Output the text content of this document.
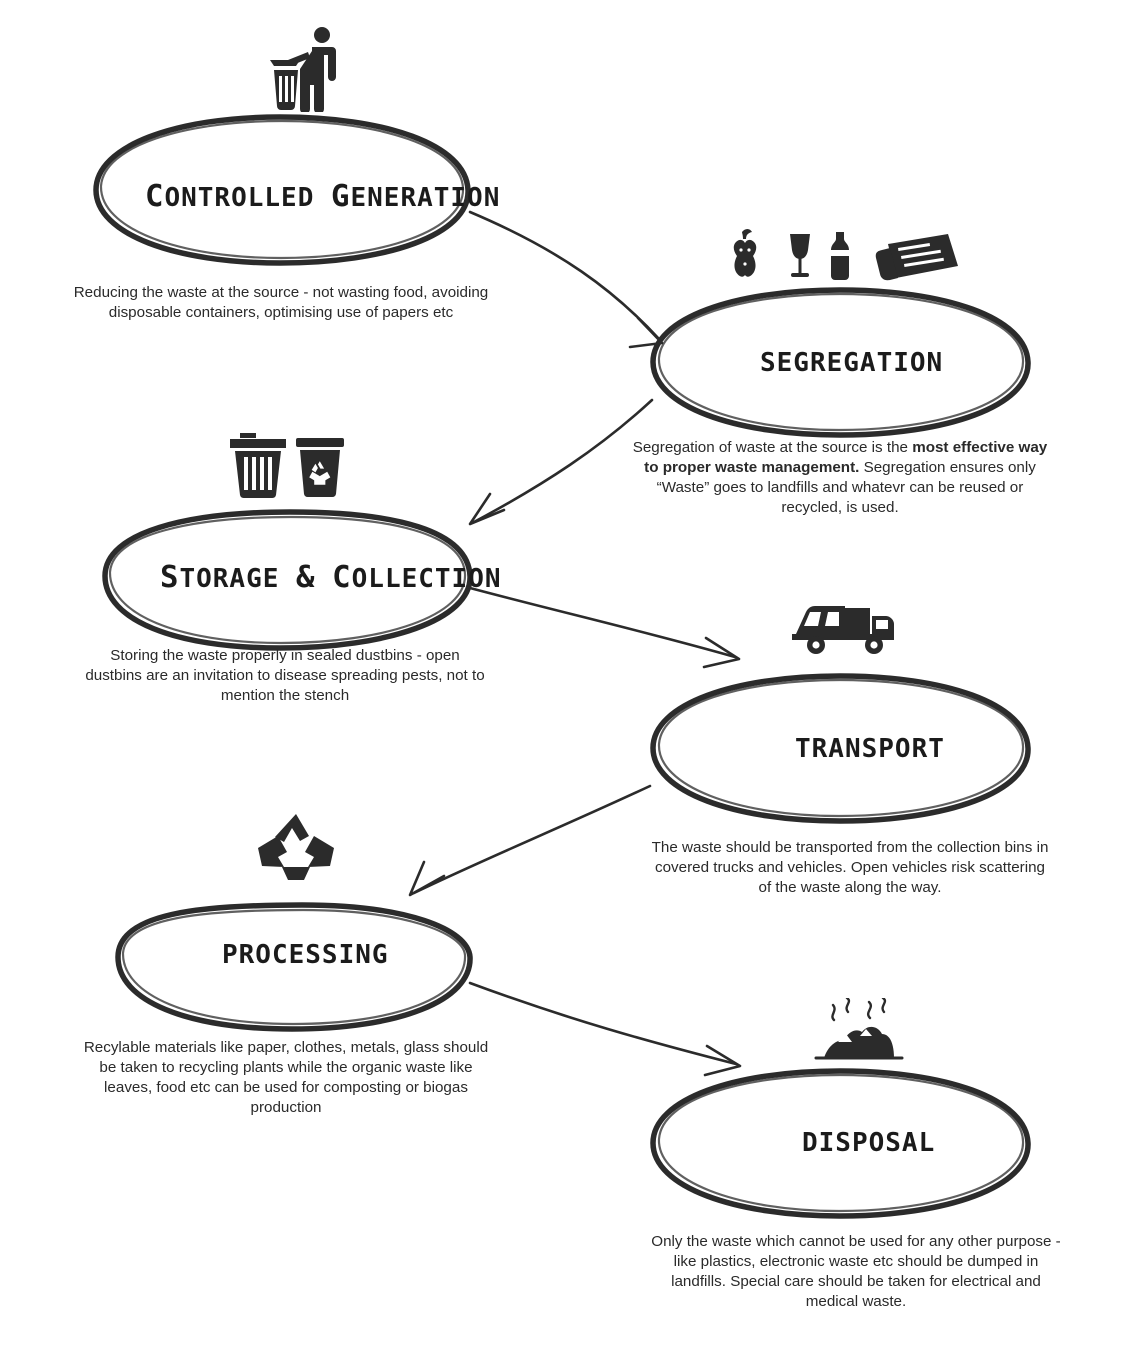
CONTROLLED GENERATION
Reducing the waste at the source - not wasting food, avoiding disposable containers, optimising use of papers etc
SEGREGATION
Segregation of waste at the source is the most effective way to proper waste management. Segregation ensures only “Waste” goes to landfills and whatevr can be reused or recycled, is used.
STORAGE & COLLECTION
Storing the waste properly in sealed dustbins - open dustbins are an invitation to disease spreading pests, not to mention the stench
TRANSPORT
The waste should be transported from the collection bins in covered trucks and vehicles. Open vehicles risk scattering of the waste along the way.
PROCESSING
Recylable materials like paper, clothes, metals, glass should be taken to recycling plants while the organic waste like leaves, food etc can be used for composting or biogas production
DISPOSAL
Only the waste which cannot be used for any other purpose - like plastics, electronic waste etc should be dumped in landfills. Special care should be taken for electrical and medical waste.
